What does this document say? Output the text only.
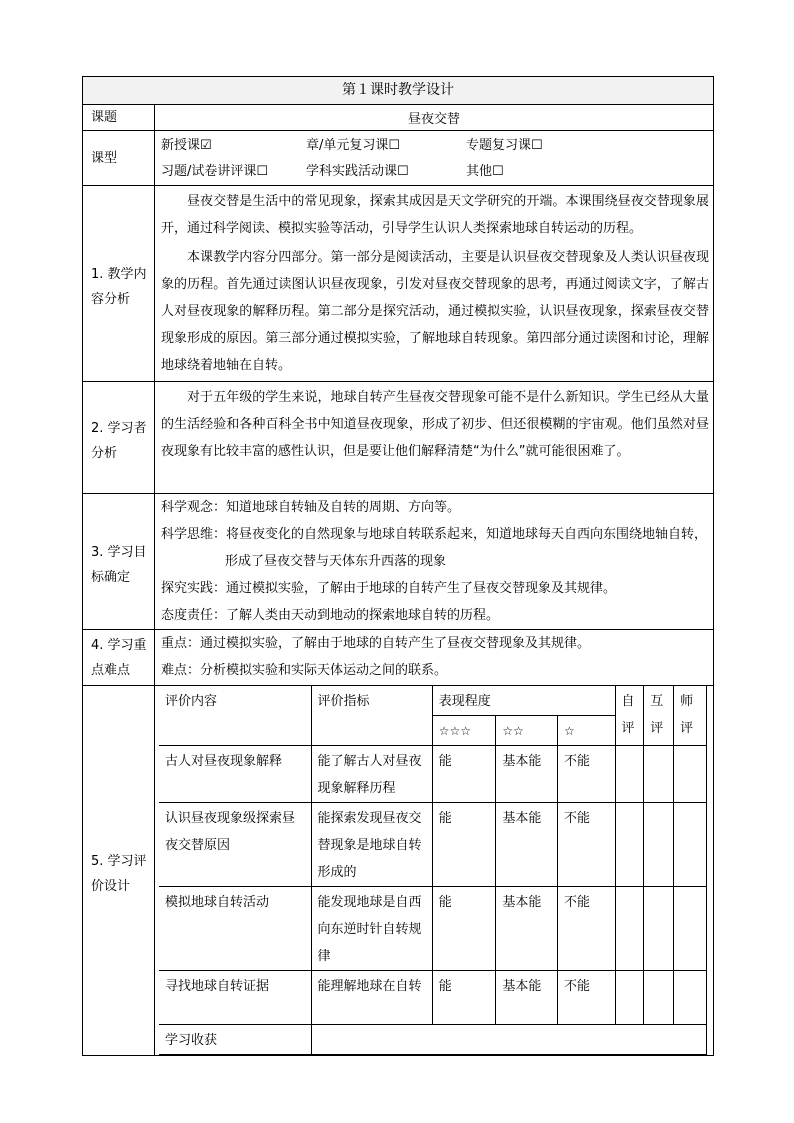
第１课时教学设计
课题	昼夜交替
课型	
新授课☑	章/单元复习课☐	专题复习课☐
习题/试卷讲评课☐	学科实践活动课☐	其他☐

1. 教学内
容分析

昼夜交替是生活中的常见现象，探索其成因是天文学研究的开端。本课围绕昼夜交替现象展开，通过科学阅读、模拟实验等活动，引导学生认识人类探索地球自转运动的历程。

本课教学内容分四部分。第一部分是阅读活动，主要是认识昼夜交替现象及人类认识昼夜现象的历程。首先通过读图认识昼夜现象，引发对昼夜交替现象的思考，再通过阅读文字，了解古人对昼夜现象的解释历程。第二部分是探究活动，通过模拟实验，认识昼夜现象，探索昼夜交替现象形成的原因。第三部分通过模拟实验，了解地球自转现象。第四部分通过读图和讨论，理解地球绕着地轴在自转。

2. 学习者
分析

对于五年级的学生来说，地球自转产生昼夜交替现象可能不是什么新知识。学生已经从大量的生活经验和各种百科全书中知道昼夜现象，形成了初步、但还很模糊的宇宙观。他们虽然对昼夜现象有比较丰富的感性认识，但是要让他们解释清楚“为什么”就可能很困难了。

3. 学习目
标确定

科学观念：知道地球自转轴及自转的周期、方向等。

科学思维：将昼夜变化的自然现象与地球自转联系起来，知道地球每天自西向东围绕地轴自转，形成了昼夜交替与天体东升西落的现象

探究实践：通过模拟实验，了解由于地球的自转产生了昼夜交替现象及其规律。

态度责任：了解人类由天动到地动的探索地球自转的历程。

4. 学习重
点难点

重点：通过模拟实验，了解由于地球的自转产生了昼夜交替现象及其规律。

难点：分析模拟实验和实际天体运动之间的联系。

5. 学习评
价设计

评价内容	评价指标	表现程度	自评	互评	师评
☆☆☆	☆☆	☆
古人对昼夜现象解释	能了解古人对昼夜现象解释历程	能	基本能	不能			
认识昼夜现象级探索昼夜交替原因	能探索发现昼夜交替现象是地球自转形成的	能	基本能	不能			
模拟地球自转活动	能发现地球是自西向东逆时针自转规律	能	基本能	不能			
寻找地球自转证据	能理解地球在自转	能	基本能	不能			
学习收获	
